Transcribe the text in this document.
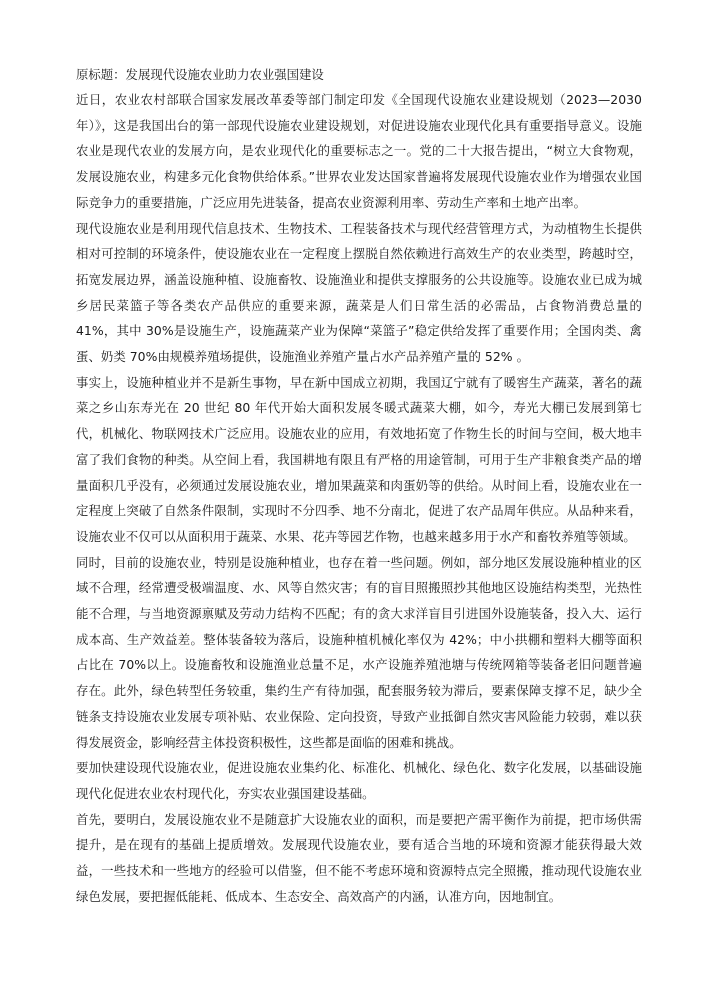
原标题：发展现代设施农业助力农业强国建设

近日，农业农村部联合国家发展改革委等部门制定印发《全国现代设施农业建设规划（2023—2030年）》，这是我国出台的第一部现代设施农业建设规划，对促进设施农业现代化具有重要指导意义。设施农业是现代农业的发展方向，是农业现代化的重要标志之一。党的二十大报告提出，“树立大食物观，发展设施农业，构建多元化食物供给体系。”世界农业发达国家普遍将发展现代设施农业作为增强农业国际竞争力的重要措施，广泛应用先进装备，提高农业资源利用率、劳动生产率和土地产出率。

现代设施农业是利用现代信息技术、生物技术、工程装备技术与现代经营管理方式，为动植物生长提供相对可控制的环境条件，使设施农业在一定程度上摆脱自然依赖进行高效生产的农业类型，跨越时空，拓宽发展边界，涵盖设施种植、设施畜牧、设施渔业和提供支撑服务的公共设施等。设施农业已成为城乡居民菜篮子等各类农产品供应的重要来源，蔬菜是人们日常生活的必需品，占食物消费总量的 41%，其中 30%是设施生产，设施蔬菜产业为保障“菜篮子”稳定供给发挥了重要作用；全国肉类、禽蛋、奶类 70%由规模养殖场提供，设施渔业养殖产量占水产品养殖产量的 52% 。

事实上，设施种植业并不是新生事物，早在新中国成立初期，我国辽宁就有了暖窖生产蔬菜，著名的蔬菜之乡山东寿光在 20 世纪 80 年代开始大面积发展冬暖式蔬菜大棚，如今，寿光大棚已发展到第七代，机械化、物联网技术广泛应用。设施农业的应用，有效地拓宽了作物生长的时间与空间，极大地丰富了我们食物的种类。从空间上看，我国耕地有限且有严格的用途管制，可用于生产非粮食类产品的增量面积几乎没有，必须通过发展设施农业，增加果蔬菜和肉蛋奶等的供给。从时间上看，设施农业在一定程度上突破了自然条件限制，实现时不分四季、地不分南北，促进了农产品周年供应。从品种来看，设施农业不仅可以从面积用于蔬菜、水果、花卉等园艺作物，也越来越多用于水产和畜牧养殖等领域。

同时，目前的设施农业，特别是设施种植业，也存在着一些问题。例如，部分地区发展设施种植业的区域不合理，经常遭受极端温度、水、风等自然灾害；有的盲目照搬照抄其他地区设施结构类型，光热性能不合理，与当地资源禀赋及劳动力结构不匹配；有的贪大求洋盲目引进国外设施装备，投入大、运行成本高、生产效益差。整体装备较为落后，设施种植机械化率仅为 42%；中小拱棚和塑料大棚等面积占比在 70%以上。设施畜牧和设施渔业总量不足，水产设施养殖池塘与传统网箱等装备老旧问题普遍存在。此外，绿色转型任务较重，集约生产有待加强，配套服务较为滞后，要素保障支撑不足，缺少全链条支持设施农业发展专项补贴、农业保险、定向投资，导致产业抵御自然灾害风险能力较弱，难以获得发展资金，影响经营主体投资积极性，这些都是面临的困难和挑战。

要加快建设现代设施农业，促进设施农业集约化、标准化、机械化、绿色化、数字化发展，以基础设施现代化促进农业农村现代化，夯实农业强国建设基础。

首先，要明白，发展设施农业不是随意扩大设施农业的面积，而是要把产需平衡作为前提，把市场供需提升，是在现有的基础上提质增效。发展现代设施农业，要有适合当地的环境和资源才能获得最大效益，一些技术和一些地方的经验可以借鉴，但不能不考虑环境和资源特点完全照搬，推动现代设施农业绿色发展，要把握低能耗、低成本、生态安全、高效高产的内涵，认准方向，因地制宜。
